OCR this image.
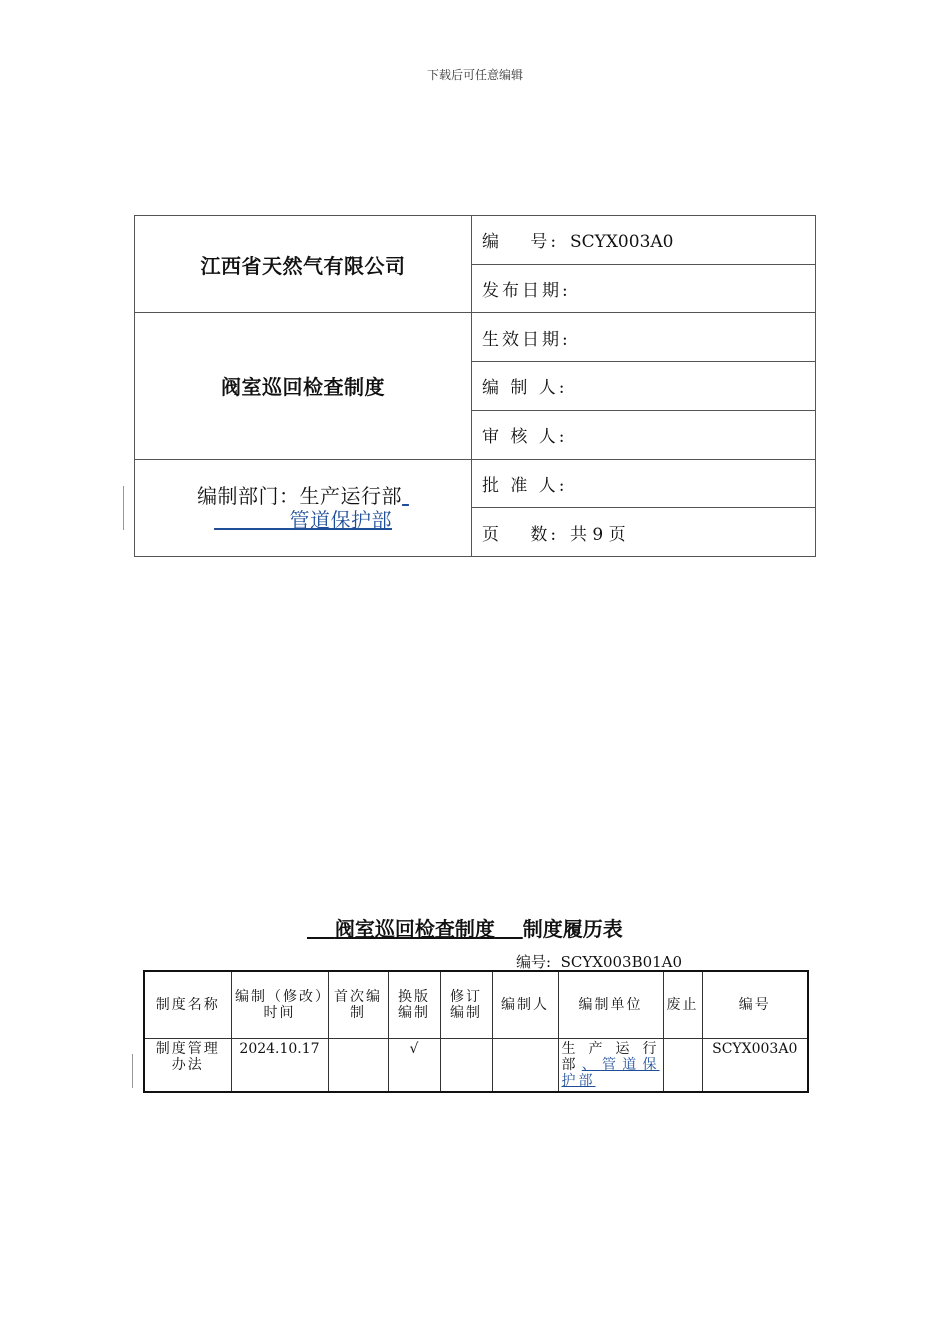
下载后可任意编辑
江西省天然气有限公司	编　 号: SCYX003A0
	发布日期:
阀室巡回检查制度	生效日期:
	编 制 人:
	审 核 人:
编制部门：生产运行部
管道保护部	批 准 人:
	页　 数: 共 9 页
阀室巡回检查制度 制度履历表
编号: SCYX003B01A0
制度名称	编制（修改）时间	首次编制	换版编制	修订编制	编制人	编制单位	废止	编号
制度管理办法	2024.10.17		√			生产运行部、管道保护部		SCYX003A0
